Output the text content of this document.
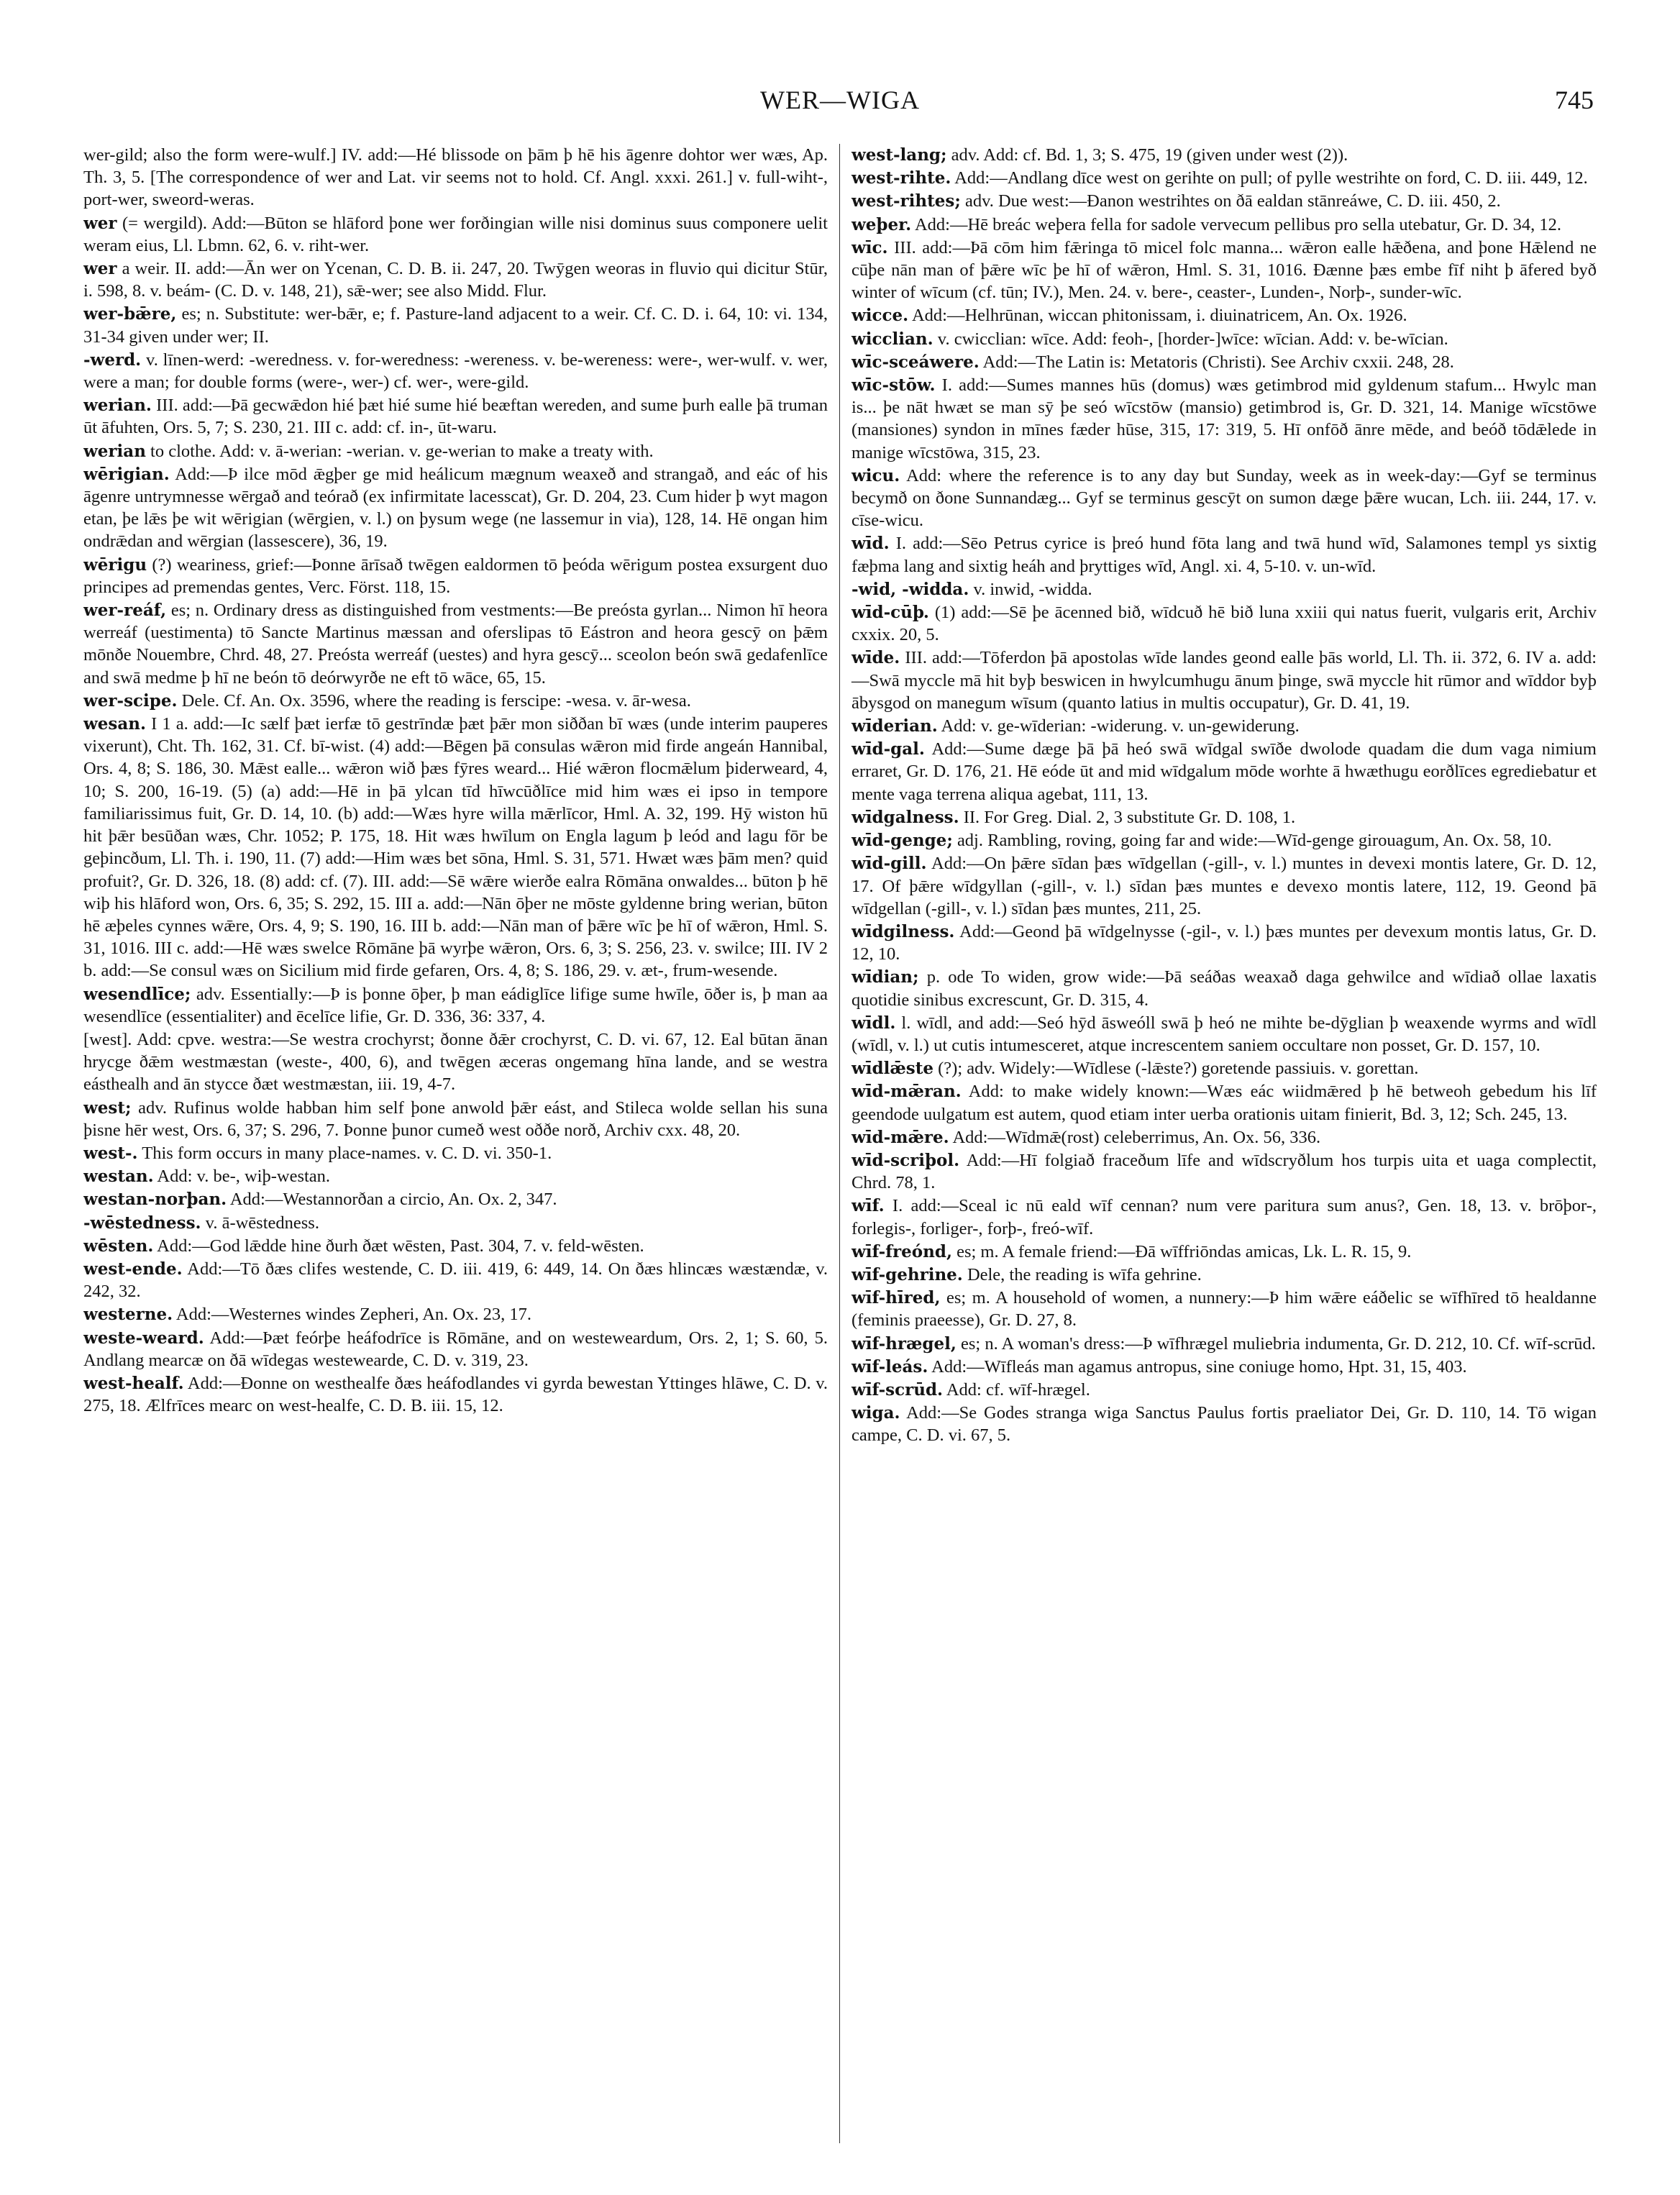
WER—WIGA	745

wer-gild; also the form were-wulf.] IV. add:—Hé blissode on þām þ hē his āgenre dohtor wer wæs, Ap. Th. 3, 5. [The correspondence of wer and Lat. vir seems not to hold. Cf. Angl. xxxi. 261.] v. full-wiht-, port-wer, sweord-weras.

wer (= wergild). Add:—Būton se hlāford þone wer forðingian wille nisi dominus suus componere uelit weram eius, Ll. Lbmn. 62, 6. v. riht-wer.

wer a weir. II. add:—Ān wer on Ycenan, C. D. B. ii. 247, 20. Twȳgen weoras in fluvio qui dicitur Stūr, i. 598, 8. v. beám- (C. D. v. 148, 21), sǣ-wer; see also Midd. Flur.

wer-bǣre, es; n. Substitute: wer-bǣr, e; f. Pasture-land adjacent to a weir. Cf. C. D. i. 64, 10: vi. 134, 31-34 given under wer; II.

-werd. v. līnen-werd: -weredness. v. for-weredness: -wereness. v. be-wereness: were-, wer-wulf. v. wer, were a man; for double forms (were-, wer-) cf. wer-, were-gild.

werian. III. add:—Þā gecwǣdon hié þæt hié sume hié beæftan wereden, and sume þurh ealle þā truman ūt āfuhten, Ors. 5, 7; S. 230, 21. III c. add: cf. in-, ūt-waru.

werian to clothe. Add: v. ā-werian: -werian. v. ge-werian to make a treaty with.

wērigian. Add:—Þ ilce mōd ǣgþer ge mid heálicum mægnum weaxeð and strangað, and eác of his āgenre untrymnesse wērgað and teórað (ex infirmitate lacesscat), Gr. D. 204, 23. Cum hider þ wyt magon etan, þe lǣs þe wit wērigian (wērgien, v. l.) on þysum wege (ne lassemur in via), 128, 14. Hē ongan him ondrǣdan and wērgian (lassescere), 36, 19.

wērigu (?) weariness, grief:—Þonne ārīsað twēgen ealdormen tō þeóda wērigum postea exsurgent duo principes ad premendas gentes, Verc. Först. 118, 15.

wer-reáf, es; n. Ordinary dress as distinguished from vestments:—Be preósta gyrlan... Nimon hī heora werreáf (uestimenta) tō Sancte Martinus mæssan and oferslipas tō Eástron and heora gescȳ on þǣm mōnðe Nouembre, Chrd. 48, 27. Preósta werreáf (uestes) and hyra gescȳ... sceolon beón swā gedafenlīce and swā medme þ hī ne beón tō deórwyrðe ne eft tō wāce, 65, 15.

wer-scipe. Dele. Cf. An. Ox. 3596, where the reading is ferscipe: -wesa. v. ār-wesa.

wesan. I 1 a. add:—Ic sælf þæt ierfæ tō gestrīndæ þæt þǣr mon siððan bī wæs (unde interim pauperes vixerunt), Cht. Th. 162, 31. Cf. bī-wist. (4) add:—Bēgen þā consulas wǣron mid firde angeán Hannibal, Ors. 4, 8; S. 186, 30. Mǣst ealle... wǣron wið þæs fȳres weard... Hié wǣron flocmǣlum þiderweard, 4, 10; S. 200, 16-19. (5) (a) add:—Hē in þā ylcan tīd hīwcūðlīce mid him wæs ei ipso in tempore familiarissimus fuit, Gr. D. 14, 10. (b) add:—Wæs hyre willa mǣrlīcor, Hml. A. 32, 199. Hȳ wiston hū hit þǣr besūðan wæs, Chr. 1052; P. 175, 18. Hit wæs hwīlum on Engla lagum þ leód and lagu fōr be geþincðum, Ll. Th. i. 190, 11. (7) add:—Him wæs bet sōna, Hml. S. 31, 571. Hwæt wæs þām men? quid profuit?, Gr. D. 326, 18. (8) add: cf. (7). III. add:—Sē wǣre wierðe ealra Rōmāna onwaldes... būton þ hē wiþ his hlāford won, Ors. 6, 35; S. 292, 15. III a. add:—Nān ōþer ne mōste gyldenne bring werian, būton hē æþeles cynnes wǣre, Ors. 4, 9; S. 190, 16. III b. add:—Nān man of þǣre wīc þe hī of wǣron, Hml. S. 31, 1016. III c. add:—Hē wæs swelce Rōmāne þā wyrþe wǣron, Ors. 6, 3; S. 256, 23. v. swilce; III. IV 2 b. add:—Se consul wæs on Sicilium mid firde gefaren, Ors. 4, 8; S. 186, 29. v. æt-, frum-wesende.

wesendlīce; adv. Essentially:—Þ is þonne ōþer, þ man eádiglīce lifige sume hwīle, ōðer is, þ man aa wesendlīce (essentialiter) and ēcelīce lifie, Gr. D. 336, 36: 337, 4.

[west]. Add: cpve. westra:—Se westra crochyrst; ðonne ðǣr crochyrst, C. D. vi. 67, 12. Eal būtan ānan hrycge ðǣm westmæstan (weste-, 400, 6), and twēgen æceras ongemang hīna lande, and se westra eásthealh and ān stycce ðæt westmæstan, iii. 19, 4-7.

west; adv. Rufinus wolde habban him self þone anwold þǣr eást, and Stileca wolde sellan his suna þisne hēr west, Ors. 6, 37; S. 296, 7. Þonne þunor cumeð west oððe norð, Archiv cxx. 48, 20.

west-. This form occurs in many place-names. v. C. D. vi. 350-1.

westan. Add: v. be-, wiþ-westan.

westan-norþan. Add:—Westannorðan a circio, An. Ox. 2, 347.

-wēstedness. v. ā-wēstedness.

wēsten. Add:—God lǣdde hine ðurh ðæt wēsten, Past. 304, 7. v. feld-wēsten.

west-ende. Add:—Tō ðæs clifes westende, C. D. iii. 419, 6: 449, 14. On ðæs hlincæs wæstændæ, v. 242, 32.

westerne. Add:—Westernes windes Zepheri, An. Ox. 23, 17.

weste-weard. Add:—Þæt feórþe heáfodrīce is Rōmāne, and on westeweardum, Ors. 2, 1; S. 60, 5. Andlang mearcæ on ðā wīdegas westewearde, C. D. v. 319, 23.

west-healf. Add:—Ðonne on westhealfe ðæs heáfodlandes vi gyrda bewestan Yttinges hlāwe, C. D. v. 275, 18. Ælfrīces mearc on west-healfe, C. D. B. iii. 15, 12.

west-lang; adv. Add: cf. Bd. 1, 3; S. 475, 19 (given under west (2)).

west-rihte. Add:—Andlang dīce west on gerihte on pull; of pylle westrihte on ford, C. D. iii. 449, 12.

west-rihtes; adv. Due west:—Ðanon westrihtes on ðā ealdan stānreáwe, C. D. iii. 450, 2.

weþer. Add:—Hē breác weþera fella for sadole vervecum pellibus pro sella utebatur, Gr. D. 34, 12.

wīc. III. add:—Þā cōm him fǣringa tō micel folc manna... wǣron ealle hǣðena, and þone Hǣlend ne cūþe nān man of þǣre wīc þe hī of wǣron, Hml. S. 31, 1016. Ðænne þæs embe fīf niht þ āfered byð winter of wīcum (cf. tūn; IV.), Men. 24. v. bere-, ceaster-, Lunden-, Norþ-, sunder-wīc.

wicce. Add:—Helhrūnan, wiccan phitonissam, i. diuinatricem, An. Ox. 1926.

wicclian. v. cwicclian: wīce. Add: feoh-, [horder-]wīce: wīcian. Add: v. be-wīcian.

wīc-sceáwere. Add:—The Latin is: Metatoris (Christi). See Archiv cxxii. 248, 28.

wīc-stōw. I. add:—Sumes mannes hūs (domus) wæs getimbrod mid gyldenum stafum... Hwylc man is... þe nāt hwæt se man sȳ þe seó wīcstōw (mansio) getimbrod is, Gr. D. 321, 14. Manige wīcstōwe (mansiones) syndon in mīnes fæder hūse, 315, 17: 319, 5. Hī onfōð ānre mēde, and beóð tōdǣlede in manige wīcstōwa, 315, 23.

wicu. Add: where the reference is to any day but Sunday, week as in week-day:—Gyf se terminus becymð on ðone Sunnandæg... Gyf se terminus gescȳt on sumon dæge þǣre wucan, Lch. iii. 244, 17. v. cīse-wicu.

wīd. I. add:—Sēo Petrus cyrice is þreó hund fōta lang and twā hund wīd, Salamones templ ys sixtig fæþma lang and sixtig heáh and þryttiges wīd, Angl. xi. 4, 5-10. v. un-wīd.

-wid, -widda. v. inwid, -widda.

wīd-cūþ. (1) add:—Sē þe ācenned bið, wīdcuð hē bið luna xxiii qui natus fuerit, vulgaris erit, Archiv cxxix. 20, 5.

wīde. III. add:—Tōferdon þā apostolas wīde landes geond ealle þās world, Ll. Th. ii. 372, 6. IV a. add:—Swā myccle mā hit byþ beswicen in hwylcumhugu ānum þinge, swā myccle hit rūmor and wīddor byþ ābysgod on manegum wīsum (quanto latius in multis occupatur), Gr. D. 41, 19.

wīderian. Add: v. ge-wīderian: -widerung. v. un-gewiderung.

wīd-gal. Add:—Sume dæge þā þā heó swā wīdgal swīðe dwolode quadam die dum vaga nimium erraret, Gr. D. 176, 21. Hē eóde ūt and mid wīdgalum mōde worhte ā hwæthugu eorðlīces egrediebatur et mente vaga terrena aliqua agebat, 111, 13.

wīdgalness. II. For Greg. Dial. 2, 3 substitute Gr. D. 108, 1.

wīd-genge; adj. Rambling, roving, going far and wide:—Wīd-genge girouagum, An. Ox. 58, 10.

wīd-gill. Add:—On þǣre sīdan þæs wīdgellan (-gill-, v. l.) muntes in devexi montis latere, Gr. D. 12, 17. Of þǣre wīdgyllan (-gill-, v. l.) sīdan þæs muntes e devexo montis latere, 112, 19. Geond þā wīdgellan (-gill-, v. l.) sīdan þæs muntes, 211, 25.

wīdgilness. Add:—Geond þā wīdgelnysse (-gil-, v. l.) þæs muntes per devexum montis latus, Gr. D. 12, 10.

wīdian; p. ode To widen, grow wide:—Þā seáðas weaxað daga gehwilce and wīdiað ollae laxatis quotidie sinibus excrescunt, Gr. D. 315, 4.

wīdl. l. wīdl, and add:—Seó hȳd āsweóll swā þ heó ne mihte be-dȳglian þ weaxende wyrms and wīdl (wīdl, v. l.) ut cutis intumesceret, atque increscentem saniem occultare non posset, Gr. D. 157, 10.

wīdlǣste (?); adv. Widely:—Wīdlese (-lǣste?) goretende passiuis. v. gorettan.

wīd-mǣran. Add: to make widely known:—Wæs eác wiidmǣred þ hē betweoh gebedum his līf geendode uulgatum est autem, quod etiam inter uerba orationis uitam finierit, Bd. 3, 12; Sch. 245, 13.

wīd-mǣre. Add:—Wīdmǣ(rost) celeberrimus, An. Ox. 56, 336.

wīd-scriþol. Add:—Hī folgiað fraceðum līfe and wīdscryðlum hos turpis uita et uaga complectit, Chrd. 78, 1.

wīf. I. add:—Sceal ic nū eald wīf cennan? num vere paritura sum anus?, Gen. 18, 13. v. brōþor-, forlegis-, forliger-, forþ-, freó-wīf.

wīf-freónd, es; m. A female friend:—Ðā wīffriōndas amicas, Lk. L. R. 15, 9.

wīf-gehrine. Dele, the reading is wīfa gehrine.

wīf-hīred, es; m. A household of women, a nunnery:—Þ him wǣre eáðelic se wīfhīred tō healdanne (feminis praeesse), Gr. D. 27, 8.

wīf-hrægel, es; n. A woman's dress:—Þ wīfhrægel muliebria indumenta, Gr. D. 212, 10. Cf. wīf-scrūd.

wīf-leás. Add:—Wīfleás man agamus antropus, sine coniuge homo, Hpt. 31, 15, 403.

wīf-scrūd. Add: cf. wīf-hrægel.

wiga. Add:—Se Godes stranga wiga Sanctus Paulus fortis praeliator Dei, Gr. D. 110, 14. Tō wigan campe, C. D. vi. 67, 5.
